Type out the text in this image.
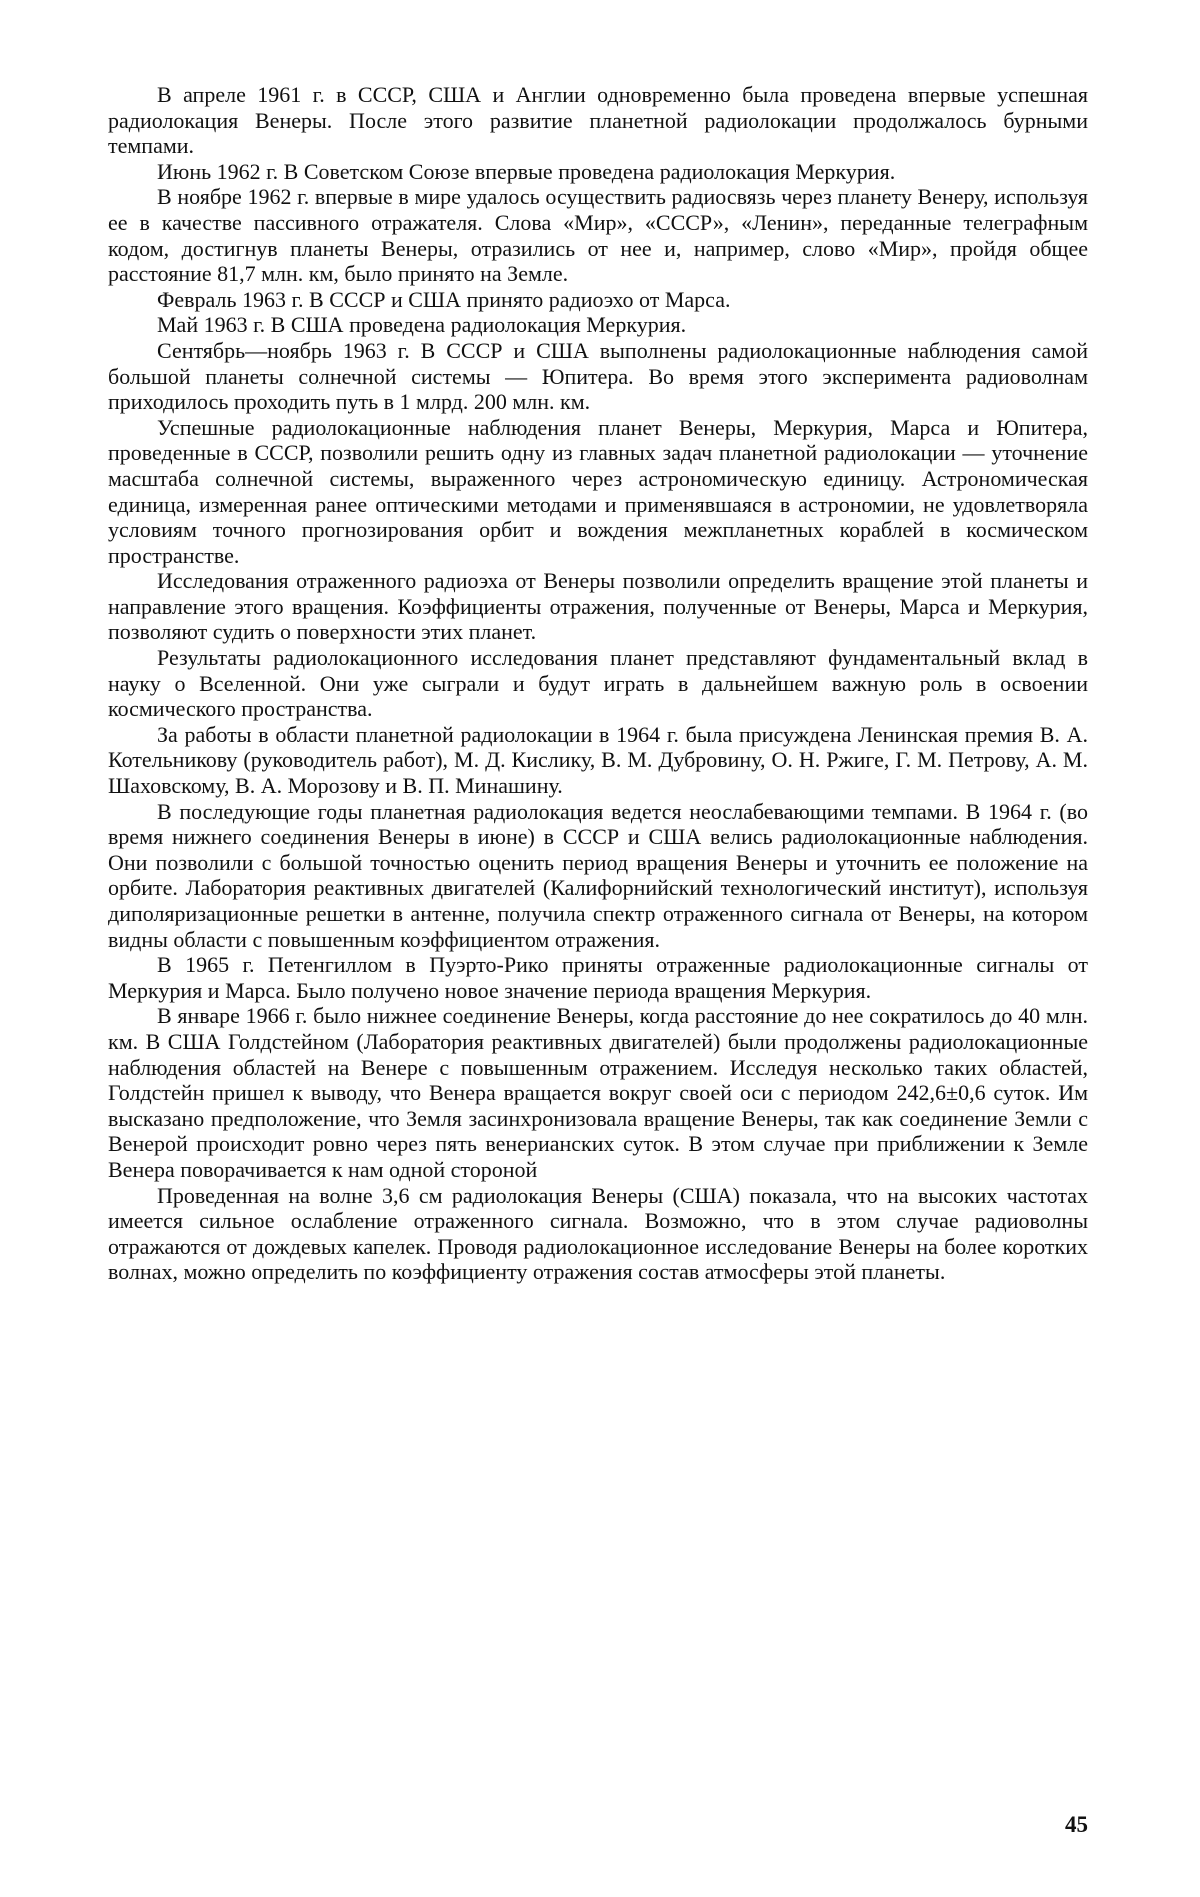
В апреле 1961 г. в СССР, США и Англии одновременно была проведена впервые успешная радиолокация Венеры. После этого развитие планетной радиолокации продолжалось бурными темпами.

Июнь 1962 г. В Советском Союзе впервые проведена радиолокация Меркурия.

В ноябре 1962 г. впервые в мире удалось осуществить радиосвязь через планету Венеру, используя ее в качестве пассивного отражателя. Слова «Мир», «СССР», «Ленин», переданные телеграфным кодом, достигнув планеты Венеры, отразились от нее и, например, слово «Мир», пройдя общее расстояние 81,7 млн. км, было принято на Земле.

Февраль 1963 г. В СССР и США принято радиоэхо от Марса.

Май 1963 г. В США проведена радиолокация Меркурия.

Сентябрь—ноябрь 1963 г. В СССР и США выполнены радиолокационные наблюдения самой большой планеты солнечной системы — Юпитера. Во время этого эксперимента радиоволнам приходилось проходить путь в 1 млрд. 200 млн. км.

Успешные радиолокационные наблюдения планет Венеры, Меркурия, Марса и Юпитера, проведенные в СССР, позволили решить одну из главных задач планетной радиолокации — уточнение масштаба солнечной системы, выраженного через астрономическую единицу. Астрономическая единица, измеренная ранее оптическими методами и применявшаяся в астрономии, не удовлетворяла условиям точного прогнозирования орбит и вождения межпланетных кораблей в космическом пространстве.

Исследования отраженного радиоэха от Венеры позволили определить вращение этой планеты и направление этого вращения. Коэффициенты отражения, полученные от Венеры, Марса и Меркурия, позволяют судить о поверхности этих планет.

Результаты радиолокационного исследования планет представляют фундаментальный вклад в науку о Вселенной. Они уже сыграли и будут играть в дальнейшем важную роль в освоении космического пространства.

За работы в области планетной радиолокации в 1964 г. была присуждена Ленинская премия В. А. Котельникову (руководитель работ), М. Д. Кислику, В. М. Дубровину, О. Н. Ржиге, Г. М. Петрову, А. М. Шаховскому, В. А. Морозову и В. П. Минашину.

В последующие годы планетная радиолокация ведется неослабевающими темпами. В 1964 г. (во время нижнего соединения Венеры в июне) в СССР и США велись радиолокационные наблюдения. Они позволили с большой точностью оценить период вращения Венеры и уточнить ее положение на орбите. Лаборатория реактивных двигателей (Калифорнийский технологический институт), используя диполяризационные решетки в антенне, получила спектр отраженного сигнала от Венеры, на котором видны области с повышенным коэффициентом отражения.

В 1965 г. Петенгиллом в Пуэрто-Рико приняты отраженные радиолокационные сигналы от Меркурия и Марса. Было получено новое значение периода вращения Меркурия.

В январе 1966 г. было нижнее соединение Венеры, когда расстояние до нее сократилось до 40 млн. км. В США Голдстейном (Лаборатория реактивных двигателей) были продолжены радиолокационные наблюдения областей на Венере с повышенным отражением. Исследуя несколько таких областей, Голдстейн пришел к выводу, что Венера вращается вокруг своей оси с периодом 242,6±0,6 суток. Им высказано предположение, что Земля засинхронизовала вращение Венеры, так как соединение Земли с Венерой происходит ровно через пять венерианских суток. В этом случае при приближении к Земле Венера поворачивается к нам одной стороной

Проведенная на волне 3,6 см радиолокация Венеры (США) показала, что на высоких частотах имеется сильное ослабление отраженного сигнала. Возможно, что в этом случае радиоволны отражаются от дождевых капелек. Проводя радиолокационное исследование Венеры на более коротких волнах, можно определить по коэффициенту отражения состав атмосферы этой планеты.

45
